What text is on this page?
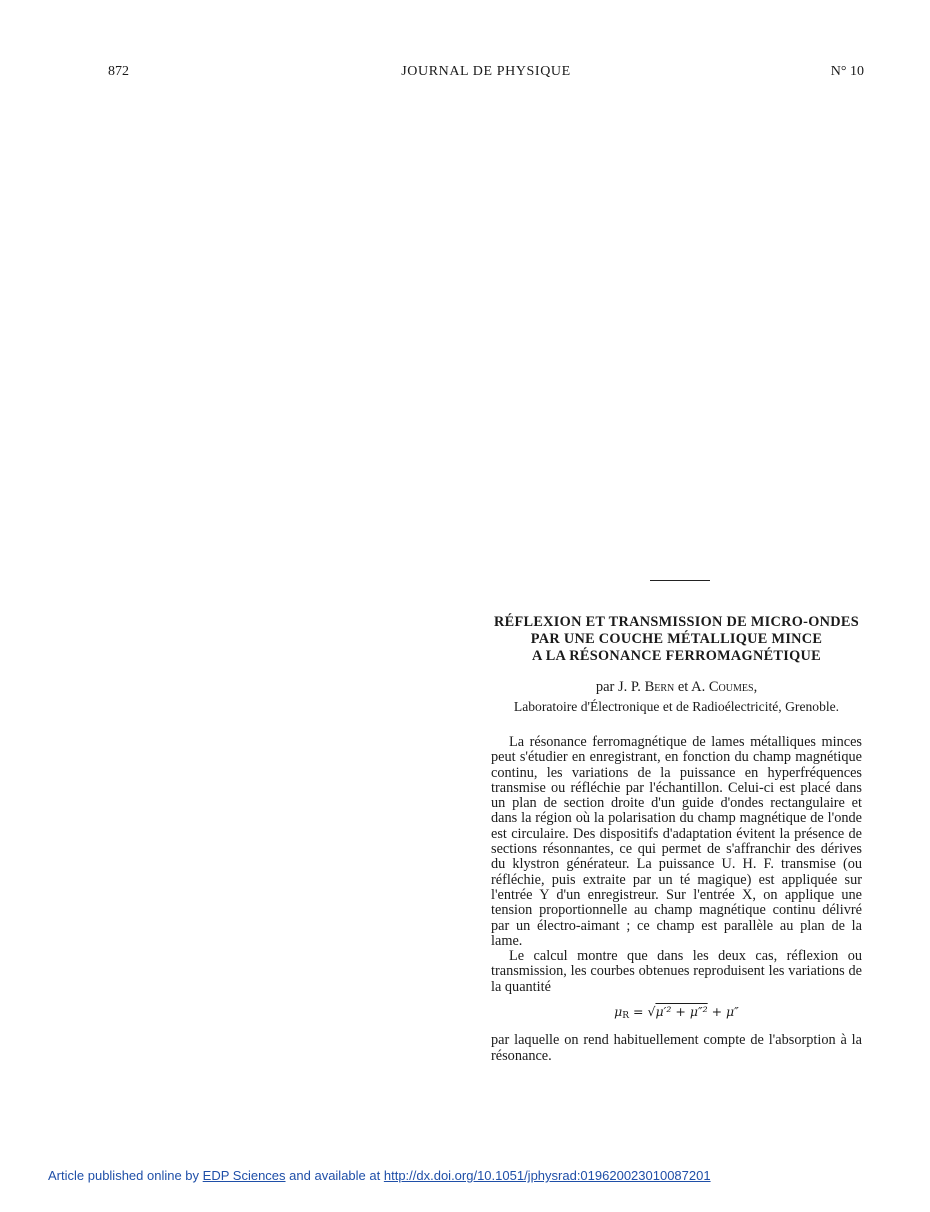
872	JOURNAL DE PHYSIQUE	N° 10
RÉFLEXION ET TRANSMISSION DE MICRO-ONDES
PAR UNE COUCHE MÉTALLIQUE MINCE
A LA RÉSONANCE FERROMAGNÉTIQUE
par J. P. Bern et A. Coumes,
Laboratoire d'Électronique et de Radioélectricité, Grenoble.

La résonance ferromagnétique de lames métalliques minces peut s'étudier en enregistrant, en fonction du champ magnétique continu, les variations de la puissance en hyperfréquences transmise ou réfléchie par l'échantillon. Celui-ci est placé dans un plan de section droite d'un guide d'ondes rectangulaire et dans la région où la polarisation du champ magnétique de l'onde est circulaire. Des dispositifs d'adaptation évitent la présence de sections résonnantes, ce qui permet de s'affranchir des dérives du klystron générateur. La puissance U. H. F. transmise (ou réfléchie, puis extraite par un té magique) est appliquée sur l'entrée Y d'un enregistreur. Sur l'entrée X, on applique une tension proportionnelle au champ magnétique continu délivré par un électro-aimant ; ce champ est parallèle au plan de la lame.

Le calcul montre que dans les deux cas, réflexion ou transmission, les courbes obtenues reproduisent les variations de la quantité

$\mu_R = √\mu'^2 + \mu''^2 + \mu''$

par laquelle on rend habituellement compte de l'absorption à la résonance.

Article published online by EDP Sciences and available at http://dx.doi.org/10.1051/jphysrad:019620023010087201
